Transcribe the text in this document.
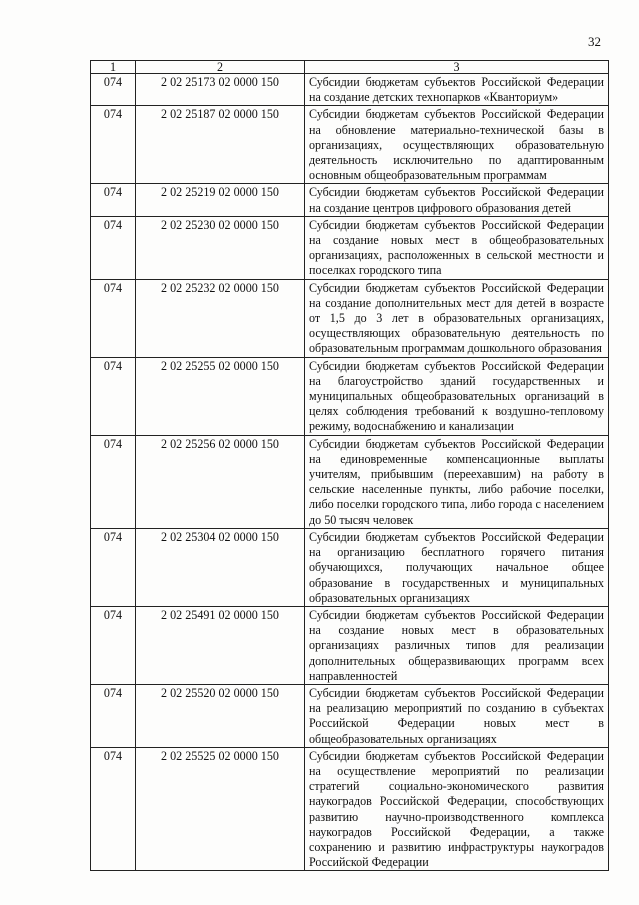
32
1	2	3
074	2 02 25173 02 0000 150	Субсидии бюджетам субъектов Российской Федерации на создание детских технопарков «Кванториум»
074	2 02 25187 02 0000 150	Субсидии бюджетам субъектов Российской Федерации на обновление материально-технической базы в организациях, осуществляющих образовательную деятельность исключительно по адаптированным основным общеобразовательным программам
074	2 02 25219 02 0000 150	Субсидии бюджетам субъектов Российской Федерации на создание центров цифрового образования детей
074	2 02 25230 02 0000 150	Субсидии бюджетам субъектов Российской Федерации на создание новых мест в общеобразовательных организациях, расположенных в сельской местности и поселках городского типа
074	2 02 25232 02 0000 150	Субсидии бюджетам субъектов Российской Федерации на создание дополнительных мест для детей в возрасте от 1,5 до 3 лет в образовательных организациях, осуществляющих образовательную деятельность по образовательным программам дошкольного образования
074	2 02 25255 02 0000 150	Субсидии бюджетам субъектов Российской Федерации на благоустройство зданий государственных и муниципальных общеобразовательных организаций в целях соблюдения требований к воздушно-тепловому режиму, водоснабжению и канализации
074	2 02 25256 02 0000 150	Субсидии бюджетам субъектов Российской Федерации на единовременные компенсационные выплаты учителям, прибывшим (переехавшим) на работу в сельские населенные пункты, либо рабочие поселки, либо поселки городского типа, либо города с населением до 50 тысяч человек
074	2 02 25304 02 0000 150	Субсидии бюджетам субъектов Российской Федерации на организацию бесплатного горячего питания обучающихся, получающих начальное общее образование в государственных и муниципальных образовательных организациях
074	2 02 25491 02 0000 150	Субсидии бюджетам субъектов Российской Федерации на создание новых мест в образовательных организациях различных типов для реализации дополнительных общеразвивающих программ всех направленностей
074	2 02 25520 02 0000 150	Субсидии бюджетам субъектов Российской Федерации на реализацию мероприятий по созданию в субъектах Российской Федерации новых мест в общеобразовательных организациях
074	2 02 25525 02 0000 150	Субсидии бюджетам субъектов Российской Федерации на осуществление мероприятий по реализации стратегий социально-экономического развития наукоградов Российской Федерации, способствующих развитию научно-производственного комплекса наукоградов Российской Федерации, а также сохранению и развитию инфраструктуры наукоградов Российской Федерации
